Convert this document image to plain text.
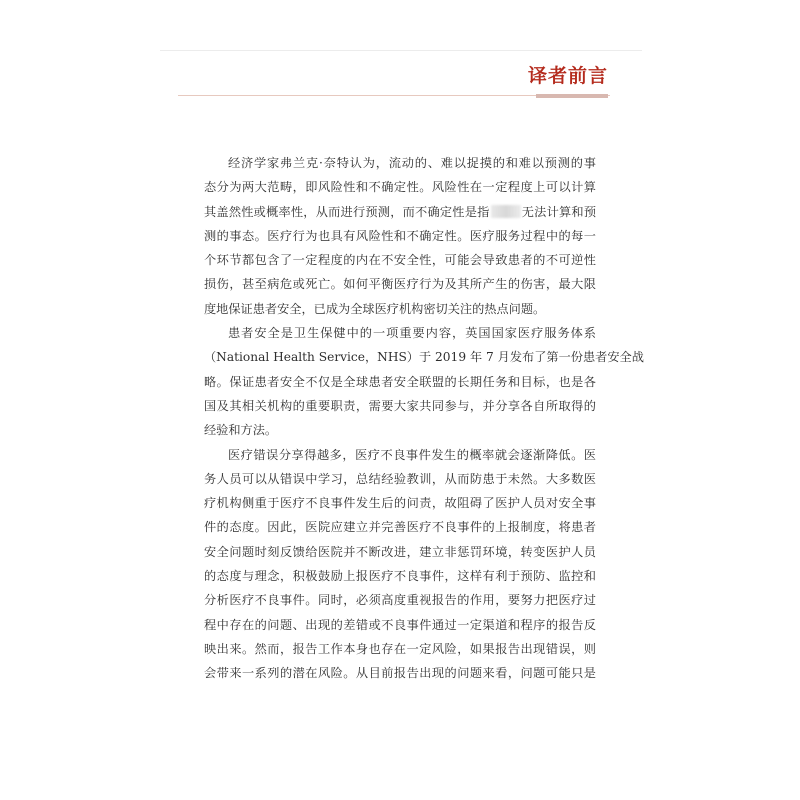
译者前言
经济学家弗兰克·奈特认为，流动的、难以捉摸的和难以预测的事
态分为两大范畴，即风险性和不确定性。风险性在一定程度上可以计算
其盖然性或概率性，从而进行预测，而不确定性是指	无法计算和预
测的事态。医疗行为也具有风险性和不确定性。医疗服务过程中的每一
个环节都包含了一定程度的内在不安全性，可能会导致患者的不可逆性
损伤，甚至病危或死亡。如何平衡医疗行为及其所产生的伤害，最大限
度地保证患者安全，已成为全球医疗机构密切关注的热点问题。
患者安全是卫生保健中的一项重要内容，英国国家医疗服务体系
（National Health Service，NHS）于 2019 年 7 月发布了第一份患者安全战
略。保证患者安全不仅是全球患者安全联盟的长期任务和目标，也是各
国及其相关机构的重要职责，需要大家共同参与，并分享各自所取得的
经验和方法。
医疗错误分享得越多，医疗不良事件发生的概率就会逐渐降低。医
务人员可以从错误中学习，总结经验教训，从而防患于未然。大多数医
疗机构侧重于医疗不良事件发生后的问责，故阻碍了医护人员对安全事
件的态度。因此，医院应建立并完善医疗不良事件的上报制度，将患者
安全问题时刻反馈给医院并不断改进，建立非惩罚环境，转变医护人员
的态度与理念，积极鼓励上报医疗不良事件，这样有利于预防、监控和
分析医疗不良事件。同时，必须高度重视报告的作用，要努力把医疗过
程中存在的问题、出现的差错或不良事件通过一定渠道和程序的报告反
映出来。然而，报告工作本身也存在一定风险，如果报告出现错误，则
会带来一系列的潜在风险。从目前报告出现的问题来看，问题可能只是
